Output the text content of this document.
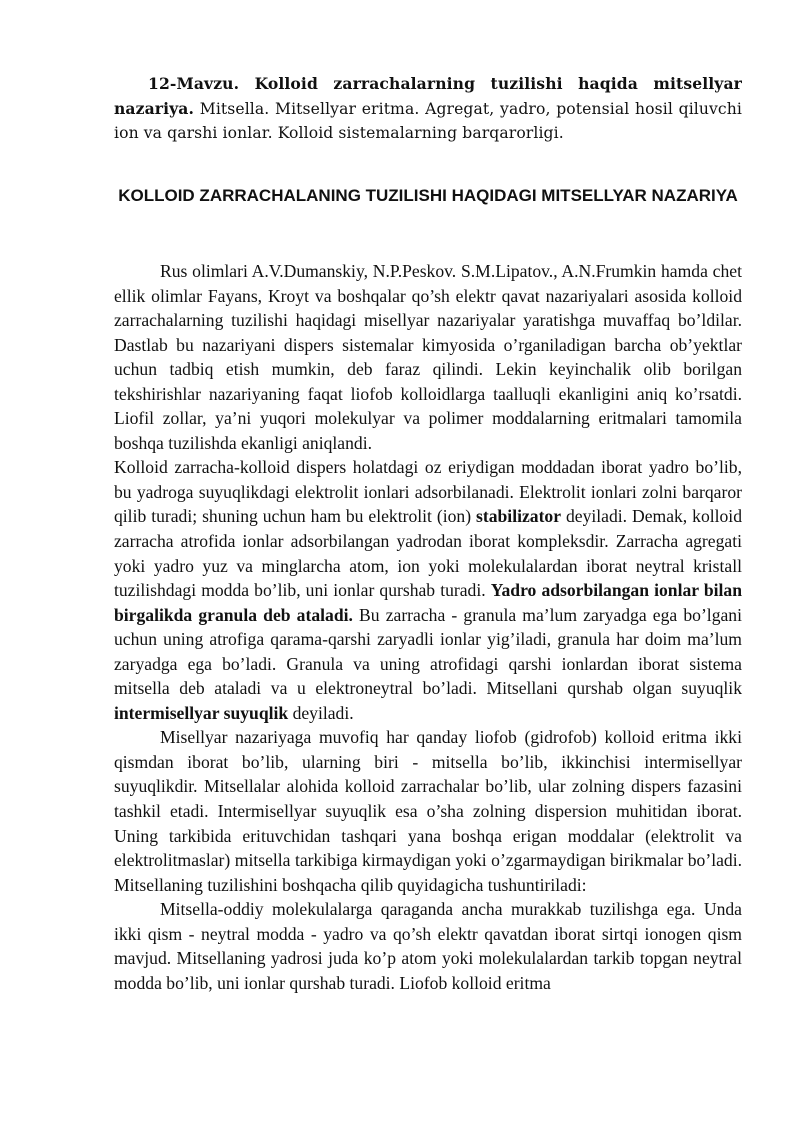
12-Mavzu. Kolloid zarrachalarning tuzilishi haqida mitsellyar nazariya. Mitsella. Mitsellyar eritma. Agregat, yadro, potensial hosil qiluvchi ion va qarshi ionlar. Kolloid sistemalarning barqarorligi.

KOLLOID ZARRACHALANING TUZILISHI HAQIDAGI MITSELLYAR NAZARIYA

Rus olimlari A.V.Dumanskiy, N.P.Peskov. S.M.Lipatov., A.N.Frumkin hamda chet ellik olimlar Fayans, Kroyt va boshqalar qo’sh elektr qavat nazariyalari asosida kolloid zarrachalarning tuzilishi haqidagi misellyar nazariyalar yaratishga muvaffaq bo’ldilar. Dastlab bu nazariyani dispers sistemalar kimyosida o’rganiladigan barcha ob’yektlar uchun tadbiq etish mumkin, deb faraz qilindi. Lekin keyinchalik olib borilgan tekshirishlar nazariyaning faqat liofob kolloidlarga taalluqli ekanligini aniq ko’rsatdi. Liofil zollar, ya’ni yuqori molekulyar va polimer moddalarning eritmalari tamomila boshqa tuzilishda ekanligi aniqlandi.

Kolloid zarracha-kolloid dispers holatdagi oz eriydigan moddadan iborat yadro bo’lib, bu yadroga suyuqlikdagi elektrolit ionlari adsorbilanadi. Elektrolit ionlari zolni barqaror qilib turadi; shuning uchun ham bu elektrolit (ion) stabilizator deyiladi. Demak, kolloid zarracha atrofida ionlar adsorbilangan yadrodan iborat kompleksdir. Zarracha agregati yoki yadro yuz va minglarcha atom, ion yoki molekulalardan iborat neytral kristall tuzilishdagi modda bo’lib, uni ionlar qurshab turadi. Yadro adsorbilangan ionlar bilan birgalikda granula deb ataladi. Bu zarracha - granula ma’lum zaryadga ega bo’lgani uchun uning atrofiga qarama-qarshi zaryadli ionlar yig’iladi, granula har doim ma’lum zaryadga ega bo’ladi. Granula va uning atrofidagi qarshi ionlardan iborat sistema mitsella deb ataladi va u elektroneytral bo’ladi. Mitsellani qurshab olgan suyuqlik intermisellyar suyuqlik deyiladi.

Misellyar nazariyaga muvofiq har qanday liofob (gidrofob) kolloid eritma ikki qismdan iborat bo’lib, ularning biri - mitsella bo’lib, ikkinchisi intermisellyar suyuqlikdir. Mitsellalar alohida kolloid zarrachalar bo’lib, ular zolning dispers fazasini tashkil etadi. Intermisellyar suyuqlik esa o’sha zolning dispersion muhitidan iborat. Uning tarkibida erituvchidan tashqari yana boshqa erigan moddalar (elektrolit va elektrolitmaslar) mitsella tarkibiga kirmaydigan yoki o’zgarmaydigan birikmalar bo’ladi. Mitsellaning tuzilishini boshqacha qilib quyidagicha tushuntiriladi:

Mitsella-oddiy molekulalarga qaraganda ancha murakkab tuzilishga ega. Unda ikki qism - neytral modda - yadro va qo’sh elektr qavatdan iborat sirtqi ionogen qism mavjud. Mitsellaning yadrosi juda ko’p atom yoki molekulalardan tarkib topgan neytral modda bo’lib, uni ionlar qurshab turadi. Liofob kolloid eritma
